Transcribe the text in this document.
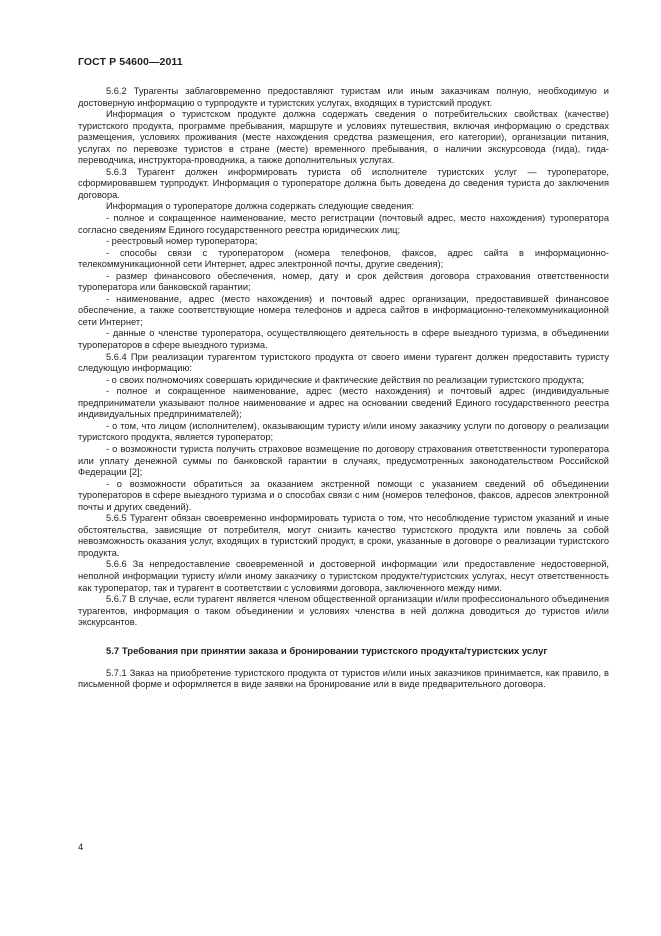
ГОСТ Р 54600—2011

5.6.2 Турагенты заблаговременно предоставляют туристам или иным заказчикам полную, необходимую и достоверную информацию о турпродукте и туристских услугах, входящих в туристский продукт.

Информация о туристском продукте должна содержать сведения о потребительских свойствах (качестве) туристского продукта, программе пребывания, маршруте и условиях путешествия, включая информацию о средствах размещения, условиях проживания (месте нахождения средства размещения, его категории), организации питания, услугах по перевозке туристов в стране (месте) временного пребывания, о наличии экскурсовода (гида), гида-переводчика, инструктора-проводника, а также дополнительных услугах.

5.6.3 Турагент должен информировать туриста об исполнителе туристских услуг — туроператоре, сформировавшем турпродукт. Информация о туроператоре должна быть доведена до сведения туриста до заключения договора.

Информация о туроператоре должна содержать следующие сведения:

- полное и сокращенное наименование, место регистрации (почтовый адрес, место нахождения) туроператора согласно сведениям Единого государственного реестра юридических лиц;

- реестровый номер туроператора;

- способы связи с туроператором (номера телефонов, факсов, адрес сайта в информационно-телекоммуникационной сети Интернет, адрес электронной почты, другие сведения);

- размер финансового обеспечения, номер, дату и срок действия договора страхования ответственности туроператора или банковской гарантии;

- наименование, адрес (место нахождения) и почтовый адрес организации, предоставившей финансовое обеспечение, а также соответствующие номера телефонов и адреса сайтов в информационно-телекоммуникационной сети Интернет;

- данные о членстве туроператора, осуществляющего деятельность в сфере выездного туризма, в объединении туроператоров в сфере выездного туризма.

5.6.4 При реализации турагентом туристского продукта от своего имени турагент должен предоставить туристу следующую информацию:

- о своих полномочиях совершать юридические и фактические действия по реализации туристского продукта;

- полное и сокращенное наименование, адрес (место нахождения) и почтовый адрес (индивидуальные предприниматели указывают полное наименование и адрес на основании сведений Единого государственного реестра индивидуальных предпринимателей);

- о том, что лицом (исполнителем), оказывающим туристу и/или иному заказчику услуги по договору о реализации туристского продукта, является туроператор;

- о возможности туриста получить страховое возмещение по договору страхования ответственности туроператора или уплату денежной суммы по банковской гарантии в случаях, предусмотренных законодательством Российской Федерации [2];

- о возможности обратиться за оказанием экстренной помощи с указанием сведений об объединении туроператоров в сфере выездного туризма и о способах связи с ним (номеров телефонов, факсов, адресов электронной почты и других сведений).

5.6.5 Турагент обязан своевременно информировать туриста о том, что несоблюдение туристом указаний и иные обстоятельства, зависящие от потребителя, могут снизить качество туристского продукта или повлечь за собой невозможность оказания услуг, входящих в туристский продукт, в сроки, указанные в договоре о реализации туристского продукта.

5.6.6 За непредоставление своевременной и достоверной информации или предоставление недостоверной, неполной информации туристу и/или иному заказчику о туристском продукте/туристских услугах, несут ответственность как туроператор, так и турагент в соответствии с условиями договора, заключенного между ними.

5.6.7 В случае, если турагент является членом общественной организации и/или профессионального объединения турагентов, информация о таком объединении и условиях членства в ней должна доводиться до туристов и/или экскурсантов.

5.7 Требования при принятии заказа и бронировании туристского продукта/туристских услуг

5.7.1 Заказ на приобретение туристского продукта от туристов и/или иных заказчиков принимается, как правило, в письменной форме и оформляется в виде заявки на бронирование или в виде предварительного договора.

4
